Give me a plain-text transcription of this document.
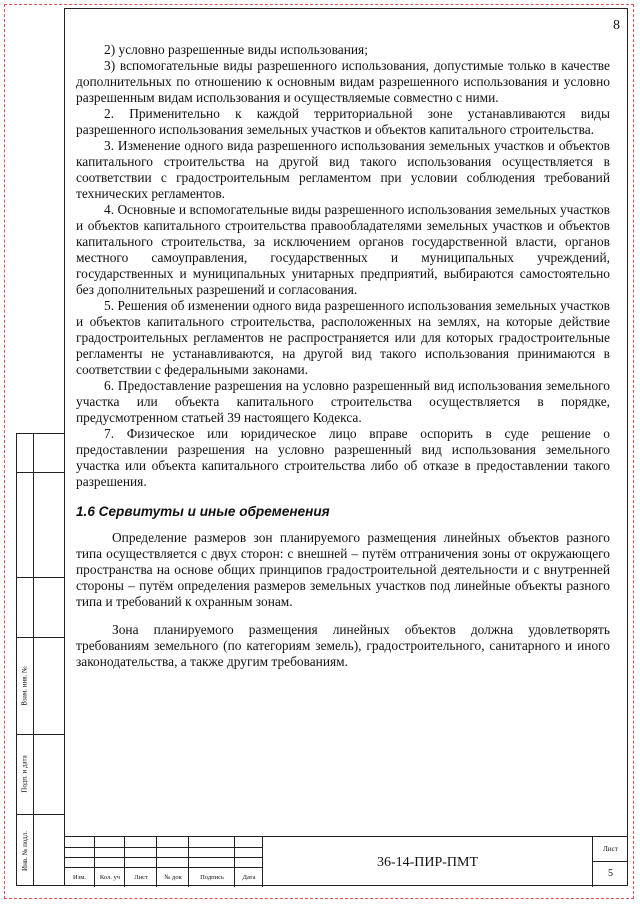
Взам. инв. №
Подп. и дата
Инв. № подл.
8

2) условно разрешенные виды использования;

3) вспомогательные виды разрешенного использования, допустимые только в качестве дополнительных по отношению к основным видам разрешенного использования и условно разрешенным видам использования и осуществляемые совместно с ними.

2. Применительно к каждой территориальной зоне устанавливаются виды разрешенного использования земельных участков и объектов капитального строительства.

3. Изменение одного вида разрешенного использования земельных участков и объектов капитального строительства на другой вид такого использования осуществляется в соответствии с градостроительным регламентом при условии соблюдения требований технических регламентов.

4. Основные и вспомогательные виды разрешенного использования земельных участков и объектов капитального строительства правообладателями земельных участков и объектов капитального строительства, за исключением органов государственной власти, органов местного самоуправления, государственных и муниципальных учреждений, государственных и муниципальных унитарных предприятий, выбираются самостоятельно без дополнительных разрешений и согласования.

5. Решения об изменении одного вида разрешенного использования земельных участков и объектов капитального строительства, расположенных на землях, на которые действие градостроительных регламентов не распространяется или для которых градостроительные регламенты не устанавливаются, на другой вид такого использования принимаются в соответствии с федеральными законами.

6. Предоставление разрешения на условно разрешенный вид использования земельного участка или объекта капитального строительства осуществляется в порядке, предусмотренном статьей 39 настоящего Кодекса.

7. Физическое или юридическое лицо вправе оспорить в суде решение о предоставлении разрешения на условно разрешенный вид использования земельного участка или объекта капитального строительства либо об отказе в предоставлении такого разрешения.

1.6 Сервитуты и иные обременения

Определение размеров зон планируемого размещения линейных объектов разного типа осуществляется с двух сторон: с внешней – путём отграничения зоны от окружающего пространства на основе общих принципов градостроительной деятельности и с внутренней стороны – путём определения размеров земельных участков под линейные объекты разного типа и требований к охранным зонам.

Зона планируемого размещения линейных объектов должна удовлетворять требованиям земельного (по категориям земель), градостроительного, санитарного и иного законодательства, а также другим требованиям.

Изм.	Кол. уч	Лист	№ док	Подпись	Дата
36-14-ПИР-ПМТ
Лист
5
